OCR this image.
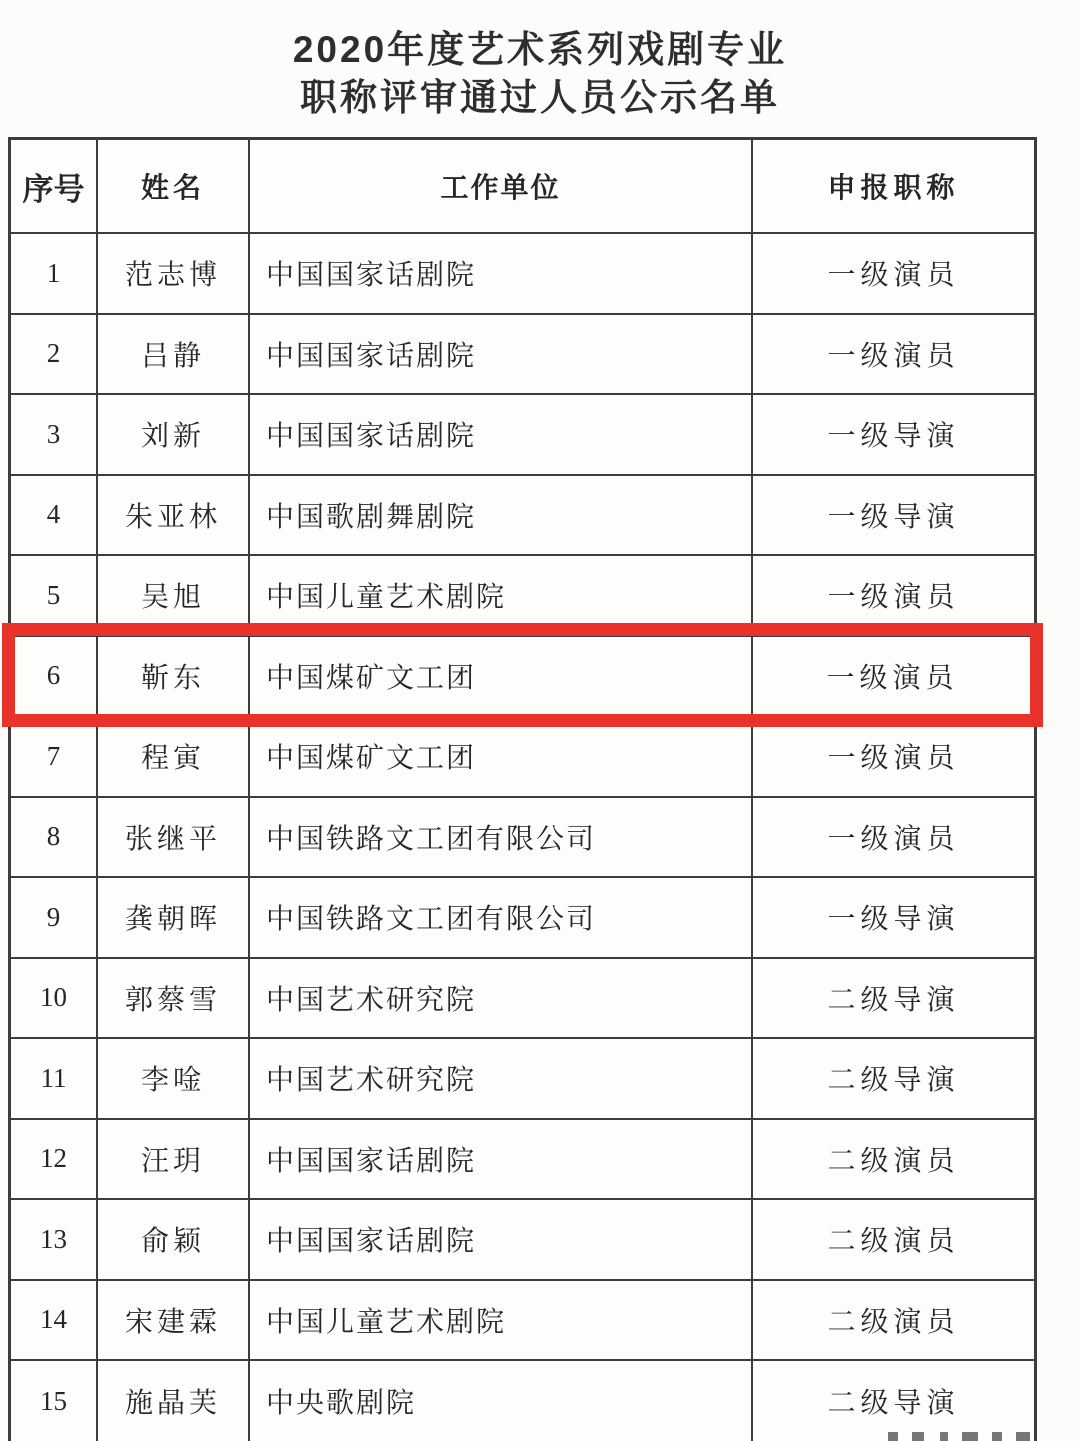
2020年度艺术系列戏剧专业
职称评审通过人员公示名单
序号	姓名	工作单位	申报职称
1	范志博	中国国家话剧院	一级演员
2	吕静	中国国家话剧院	一级演员
3	刘新	中国国家话剧院	一级导演
4	朱亚林	中国歌剧舞剧院	一级导演
5	吴旭	中国儿童艺术剧院	一级演员
6	靳东	中国煤矿文工团	一级演员
7	程寅	中国煤矿文工团	一级演员
8	张继平	中国铁路文工团有限公司	一级演员
9	龚朝晖	中国铁路文工团有限公司	一级导演
10	郭蔡雪	中国艺术研究院	二级导演
11	李唫	中国艺术研究院	二级导演
12	汪玥	中国国家话剧院	二级演员
13	俞颖	中国国家话剧院	二级演员
14	宋建霖	中国儿童艺术剧院	二级演员
15	施晶芙	中央歌剧院	二级导演
